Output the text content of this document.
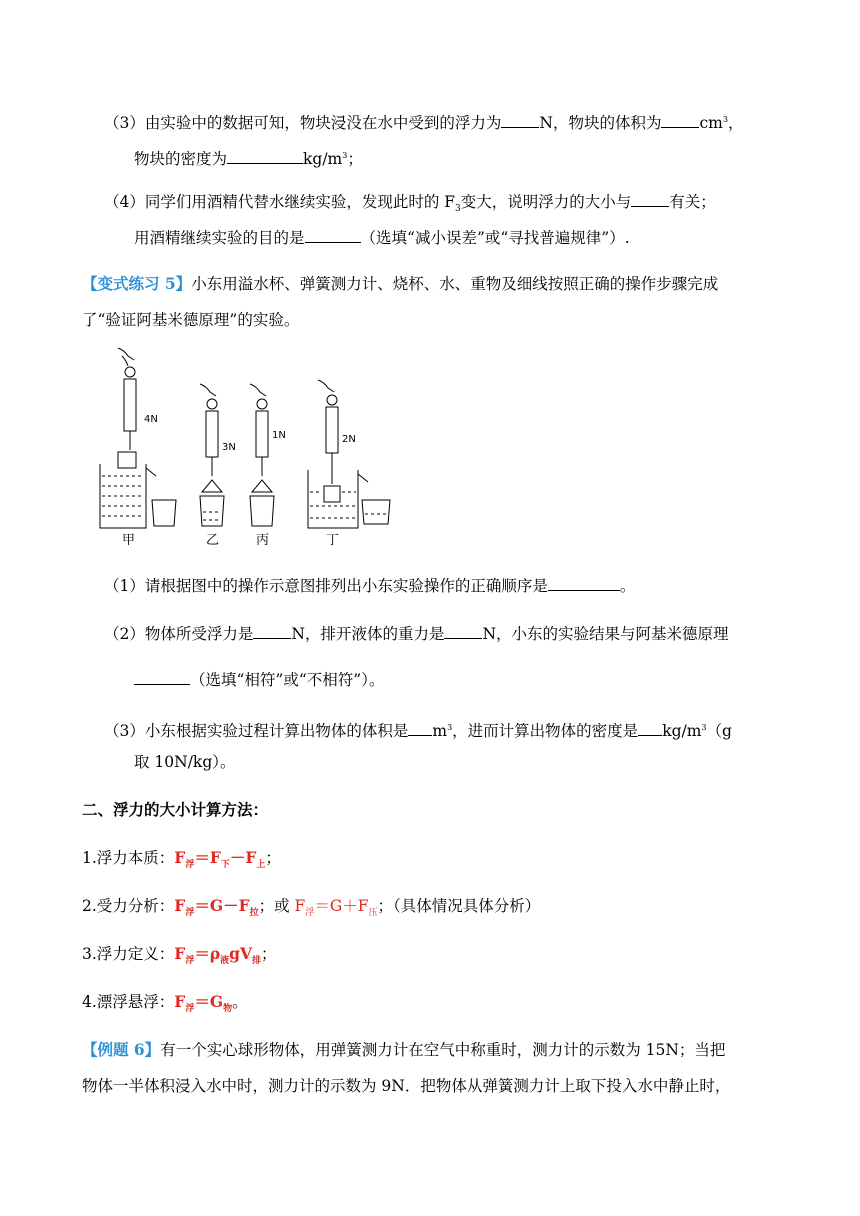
（3）由实验中的数据可知，物块浸没在水中受到的浮力为 N，物块的体积为 $cm^3$，
物块的密度为	$kg/m^3$；
（4）同学们用酒精代替水继续实验，发现此时的 $F_3$变大，说明浮力的大小与 有关；
用酒精继续实验的目的是	（选填“减小误差”或“寻找普遍规律”）.
【变式练习 5】小东用溢水杯、弹簧测力计、烧杯、水、重物及细线按照正确的操作步骤完成
了“验证阿基米德原理”的实验。
4N
3N
1N	2N
甲	乙	丙	丁
（1）请根据图中的操作示意图排列出小东实验操作的正确顺序是	。
（2）物体所受浮力是 N，排开液体的重力是 N，小东的实验结果与阿基米德原理
（选填“相符”或“不相符”）。
（3）小东根据实验过程计算出物体的体积是 $m^3$，进而计算出物体的密度是 $kg/m^3(g$
取 10N/kg）。
二、浮力的大小计算方法：
1.浮力本质：$F_浮=F_下-F_上$；
2.受力分析：$F_浮=G-F_拉$；或 $F_浮=G+F_压$；（具体情况具体分析）
3.浮力定义：$F_浮=\rho_液gV_排$；
4.漂浮悬浮：$F_浮=G_物$。
【例题 6】有一个实心球形物体，用弹簧测力计在空气中称重时，测力计的示数为 15N；当把
物体一半体积浸入水中时，测力计的示数为 9N．把物体从弹簧测力计上取下投入水中静止时，
